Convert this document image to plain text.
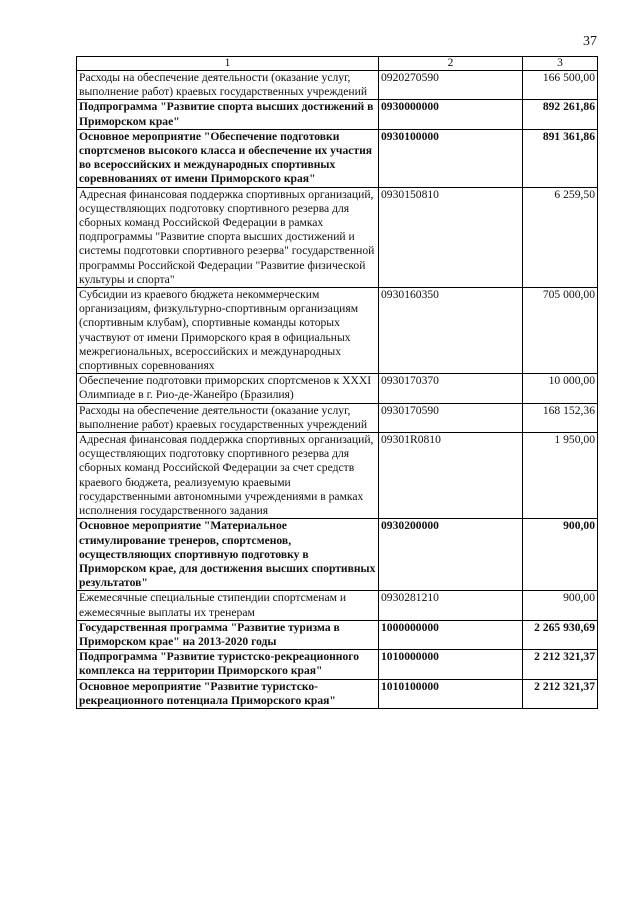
37
1	2	3
Расходы на обеспечение деятельности (оказание услуг, выполнение работ) краевых государственных учреждений	0920270590	166 500,00
Подпрограмма "Развитие спорта высших достижений в Приморском крае"	0930000000	892 261,86
Основное мероприятие "Обеспечение подготовки спортсменов высокого класса и обеспечение их участия во всероссийских и международных спортивных соревнованиях от имени Приморского края"	0930100000	891 361,86
Адресная финансовая поддержка спортивных организаций, осуществляющих подготовку спортивного резерва для сборных команд Российской Федерации в рамках подпрограммы "Развитие спорта высших достижений и системы подготовки спортивного резерва" государственной программы Российской Федерации "Развитие физической культуры и спорта"	0930150810	6 259,50
Субсидии из краевого бюджета некоммерческим организациям, физкультурно-спортивным организациям (спортивным клубам), спортивные команды которых участвуют от имени Приморского края в официальных межрегиональных, всероссийских и международных спортивных соревнованиях	0930160350	705 000,00
Обеспечение подготовки приморских спортсменов к XXXI Олимпиаде в г. Рио-де-Жанейро (Бразилия)	0930170370	10 000,00
Расходы на обеспечение деятельности (оказание услуг, выполнение работ) краевых государственных учреждений	0930170590	168 152,36
Адресная финансовая поддержка спортивных организаций, осуществляющих подготовку спортивного резерва для сборных команд Российской Федерации за счет средств краевого бюджета, реализуемую краевыми государственными автономными учреждениями в рамках исполнения государственного задания	09301R0810	1 950,00
Основное мероприятие "Материальное стимулирование тренеров, спортсменов, осуществляющих спортивную подготовку в Приморском крае, для достижения высших спортивных результатов"	0930200000	900,00
Ежемесячные специальные стипендии спортсменам и ежемесячные выплаты их тренерам	0930281210	900,00
Государственная программа "Развитие туризма в Приморском крае" на 2013-2020 годы	1000000000	2 265 930,69
Подпрограмма "Развитие туристско-рекреационного комплекса на территории Приморского края"	1010000000	2 212 321,37
Основное мероприятие "Развитие туристско-рекреационного потенциала Приморского края"	1010100000	2 212 321,37
